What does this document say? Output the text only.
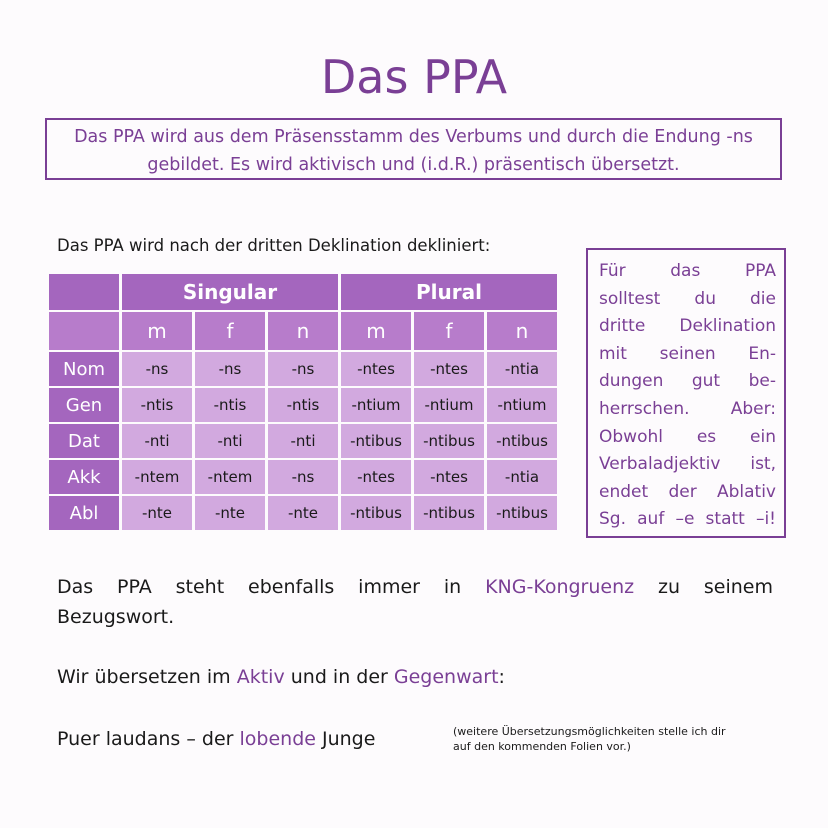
Das PPA
Das PPA wird aus dem Präsensstamm des Verbums und durch die Endung -ns
gebildet. Es wird aktivisch und (i.d.R.) präsentisch übersetzt.
Das PPA wird nach der dritten Deklination dekliniert:
	Singular			Plural		
	m	f	n	m	f	n
Nom	-ns	-ns	-ns	-ntes	-ntes	-ntia
Gen	-ntis	-ntis	-ntis	-ntium	-ntium	-ntium
Dat	-nti	-nti	-nti	-ntibus	-ntibus	-ntibus
Akk	-ntem	-ntem	-ns	-ntes	-ntes	-ntia
Abl	-nte	-nte	-nte	-ntibus	-ntibus	-ntibus
Für das PPA
solltest du die
dritte Deklination
mit seinen En-
dungen gut be-
herrschen. Aber:
Obwohl es ein
Verbaladjektiv ist,
endet der Ablativ
Sg. auf –e statt –i!
Das PPA steht ebenfalls immer in KNG-Kongruenz zu seinem
Bezugswort.
Wir übersetzen im Aktiv und in der Gegenwart:
Puer laudans – der lobende Junge	(weitere Übersetzungsmöglichkeiten stelle ich dir
auf den kommenden Folien vor.)
